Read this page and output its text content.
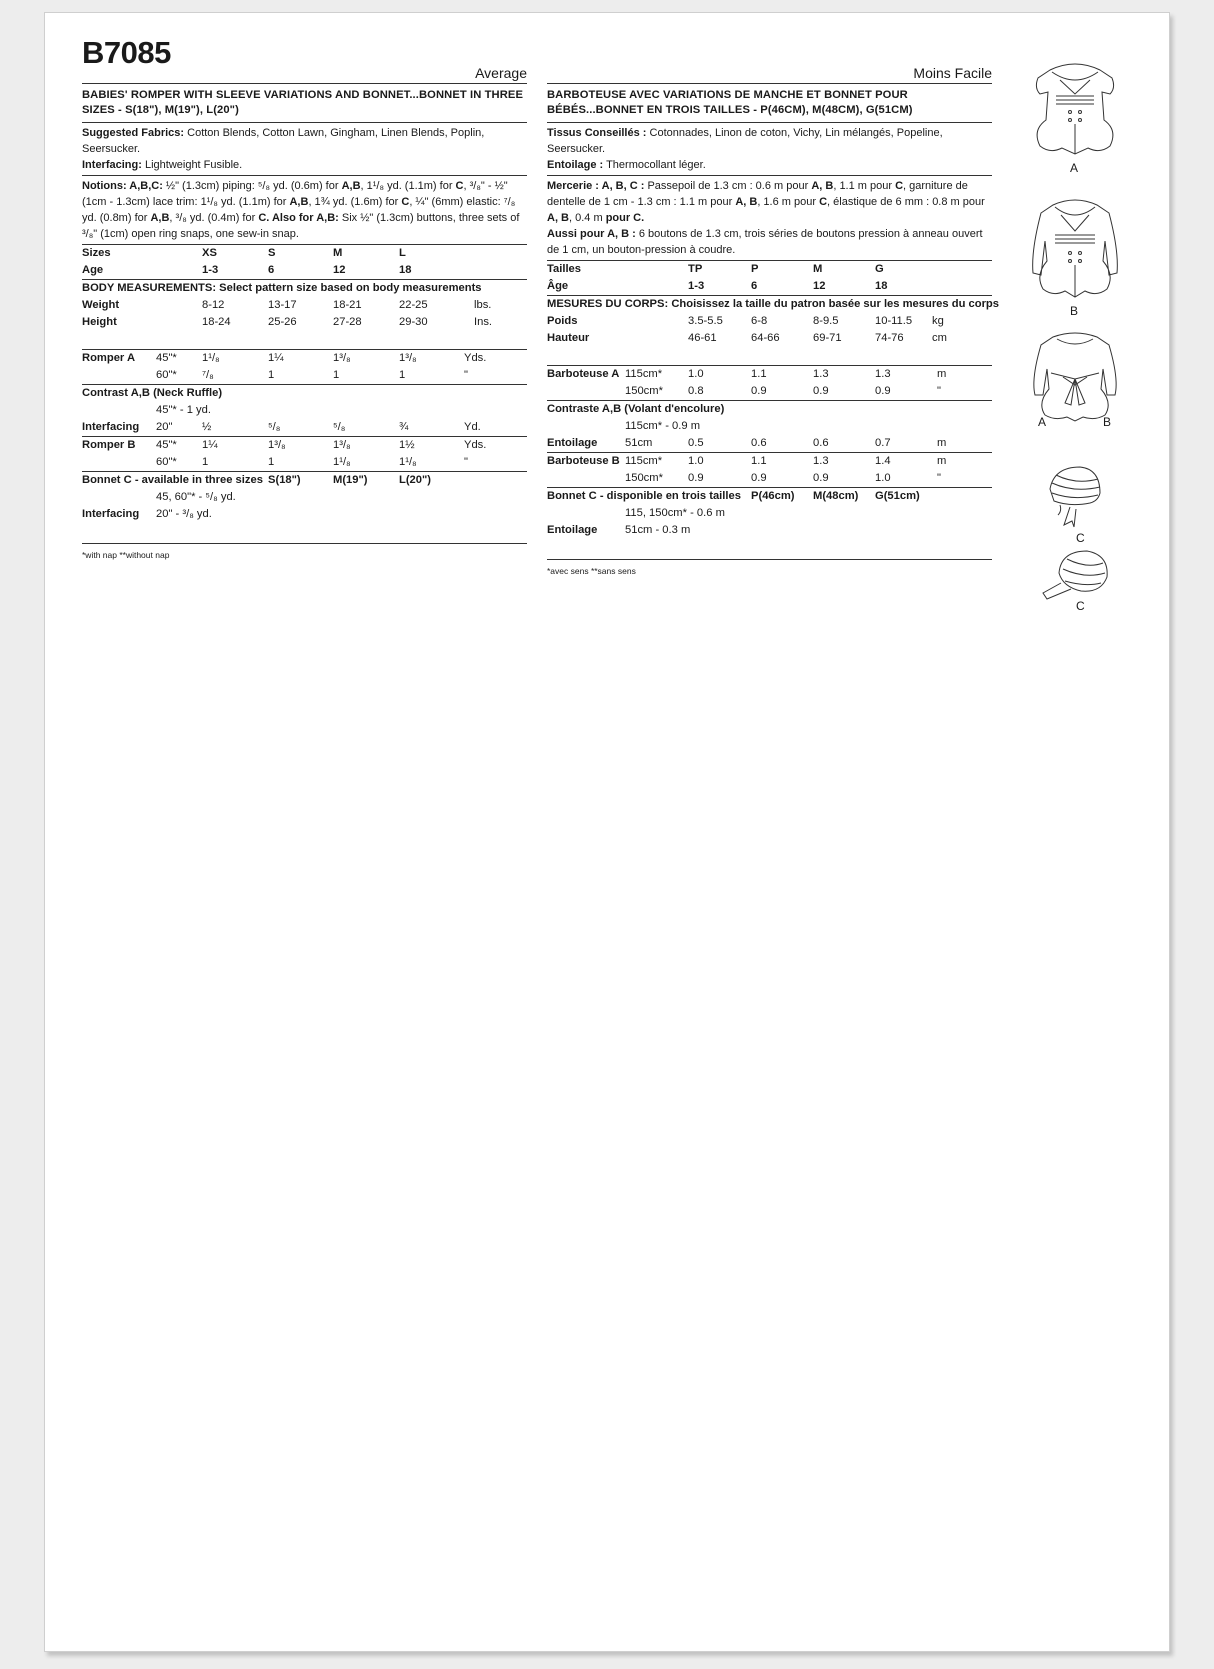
B7085
Average
BABIES' ROMPER WITH SLEEVE VARIATIONS AND BONNET...BONNET IN THREE SIZES - S(18"), M(19"), L(20")
Suggested Fabrics: Cotton Blends, Cotton Lawn, Gingham, Linen Blends, Poplin, Seersucker.
Interfacing: Lightweight Fusible.
Notions: A,B,C: ½" (1.3cm) piping: ⁵/₈ yd. (0.6m) for A,B, 1¹/₈ yd. (1.1m) for C, ³/₈" - ½" (1cm - 1.3cm) lace trim: 1¹/₈ yd. (1.1m) for A,B, 1¾ yd. (1.6m) for C, ¼" (6mm) elastic: ⁷/₈ yd. (0.8m) for A,B, ³/₈ yd. (0.4m) for C. Also for A,B: Six ½" (1.3cm) buttons, three sets of ³/₈" (1cm) open ring snaps, one sew-in snap.
Sizes	XS	S	M	L
Age	1-3	6	12	18
BODY MEASUREMENTS: Select pattern size based on body measurements
Weight	8-12	13-17	18-21	22-25	lbs.
Height	18-24	25-26	27-28	29-30	Ins.
Romper A 45"* 1¹/₈	1¼	1³/₈	1³/₈	Yds.
60"* ⁷/₈	1	1	1	"
Contrast A,B (Neck Ruffle)
45"* - 1 yd.
Interfacing 20"	½	⁵/₈	⁵/₈	¾	Yd.
Romper B 45"* 1¼	1³/₈	1³/₈	1½	Yds.
60"* 1	1	1¹/₈	1¹/₈	"
Bonnet C - available in three sizes S(18")	M(19")	L(20")
45, 60"* - ⁵/₈ yd.
Interfacing 20" - ³/₈ yd.
*with nap **without nap
Moins Facile
BARBOTEUSE AVEC VARIATIONS DE MANCHE ET BONNET POUR BÉBÉS...BONNET EN TROIS TAILLES - P(46CM), M(48CM), G(51CM)
Tissus Conseillés : Cotonnades, Linon de coton, Vichy, Lin mélangés, Popeline, Seersucker.
Entoilage : Thermocollant léger.
Mercerie : A, B, C : Passepoil de 1.3 cm : 0.6 m pour A, B, 1.1 m pour C, garniture de dentelle de 1 cm - 1.3 cm : 1.1 m pour A, B, 1.6 m pour C, élastique de 6 mm : 0.8 m pour A, B, 0.4 m pour C.
Aussi pour A, B : 6 boutons de 1.3 cm, trois séries de boutons pression à anneau ouvert de 1 cm, un bouton-pression à coudre.
Tailles	TP	P	M	G
Âge	1-3	6	12	18
MESURES DU CORPS: Choisissez la taille du patron basée sur les mesures du corps
Poids	3.5-5.5	6-8	8-9.5	10-11.5 kg
Hauteur	46-61	64-66	69-71	74-76	cm
Barboteuse A 115cm* 1.0	1.1	1.3	1.3	m
150cm* 0.8	0.9	0.9	0.9	"
Contraste A,B (Volant d'encolure)
115cm* - 0.9 m
Entoilage 51cm	0.5	0.6	0.6	0.7	m
Barboteuse B 115cm* 1.0	1.1	1.3	1.4	m
150cm* 0.9	0.9	0.9	1.0	"
Bonnet C - disponible en trois tailles P(46cm) M(48cm) G(51cm)
115, 150cm* - 0.6 m
Entoilage 51cm - 0.3 m
*avec sens **sans sens
A
B
A	B
C
C
